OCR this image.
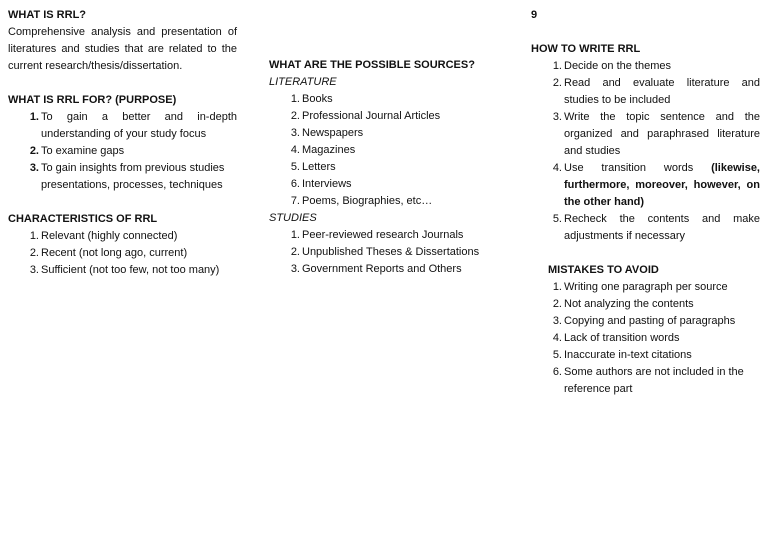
WHAT IS RRL?

Comprehensive analysis and presentation of literatures and studies that are related to the current research/thesis/dissertation.

WHAT IS RRL FOR? (PURPOSE)
1. To gain a better and in-depth understanding of your study focus
2. To examine gaps
3. To gain insights from previous studies presentations, processes, techniques
CHARACTERISTICS OF RRL
1. Relevant (highly connected)
2. Recent (not long ago, current)
3. Sufficient (not too few, not too many)
WHAT ARE THE POSSIBLE SOURCES?

LITERATURE

1. Books
2. Professional Journal Articles
3. Newspapers
4. Magazines
5. Letters
6. Interviews
7. Poems, Biographies, etc…

STUDIES

1. Peer-reviewed research Journals
2. Unpublished Theses & Dissertations
3. Government Reports and Others

9

HOW TO WRITE RRL
1. Decide on the themes
2. Read and evaluate literature and studies to be included
3. Write the topic sentence and the organized and paraphrased literature and studies
4. Use transition words (likewise, furthermore, moreover, however, on the other hand)
5. Recheck the contents and make adjustments if necessary
MISTAKES TO AVOID
1. Writing one paragraph per source
2. Not analyzing the contents
3. Copying and pasting of paragraphs
4. Lack of transition words
5. Inaccurate in-text citations
6. Some authors are not included in the reference part
